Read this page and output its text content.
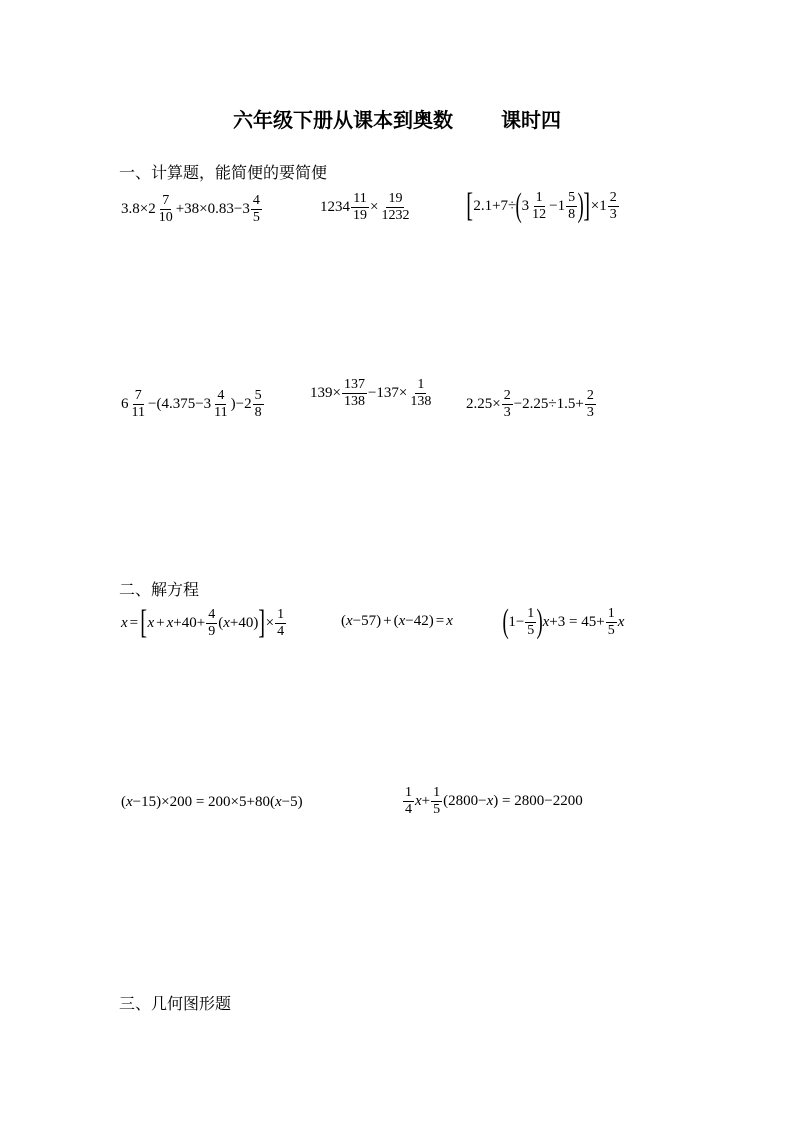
六年级下册从课本到奥数 课时四
一、计算题，能简便的要简便
3.8×2
7
10
+38×0.83−3
4
5
$1234 \frac{11}{19} \times \frac{19}{1232}$ [ 2.1+7÷ ( 3
1
12
−1
5
8 ) ] ×1
2
3
6
7
11
−(4.375−3
4
11
)−2
5
8
$139\times \frac{137}{138} -137\times \frac{1}{138} 2.25\times \frac{2}{3} -2.25\div 1.5+ \frac{2}{3}$
二、解方程
x = [ $x + x +40+ \frac{4}{9}$ ( x +40) ] × $\frac{1}{4}$	( x −57 ) + ( x −42 ) = x ( $1- \frac{1}{5}$ ) $x +3 = 45+ \frac{1}{5}$ x
( x −15 ) ×200 = 200×5+80( x −5)
1
4
$x + \frac{1}{5} (2800- x$ ) = 2800−2200
三、几何图形题
